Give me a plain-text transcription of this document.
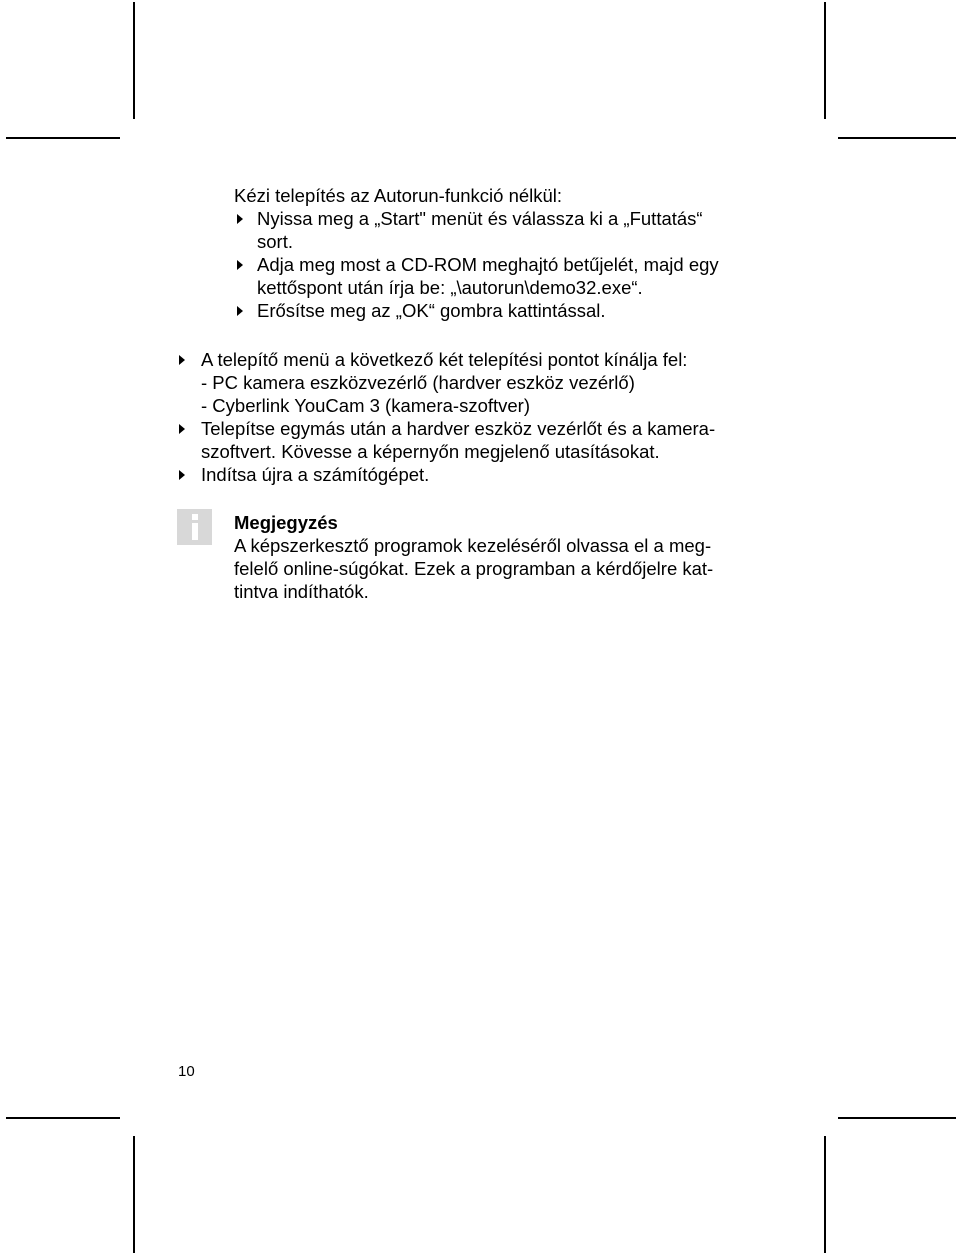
Kézi telepítés az Autorun-funkció nélkül:
Nyissa meg a „Start" menüt és válassza ki a „Futtatás“
sort.
Adja meg most a CD-ROM meghajtó betűjelét, majd egy
kettőspont után írja be: „\autorun\demo32.exe“.
Erősítse meg az „OK“ gombra kattintással.
A telepítő menü a következő két telepítési pontot kínálja fel:
- PC kamera eszközvezérlő (hardver eszköz vezérlő)
- Cyberlink YouCam 3 (kamera-szoftver)
Telepítse egymás után a hardver eszköz vezérlőt és a kamera-
szoftvert. Kövesse a képernyőn megjelenő utasításokat.
Indítsa újra a számítógépet.
Megjegyzés
A képszerkesztő programok kezeléséről olvassa el a meg-
felelő online-súgókat. Ezek a programban a kérdőjelre kat-
tintva indíthatók.
10
